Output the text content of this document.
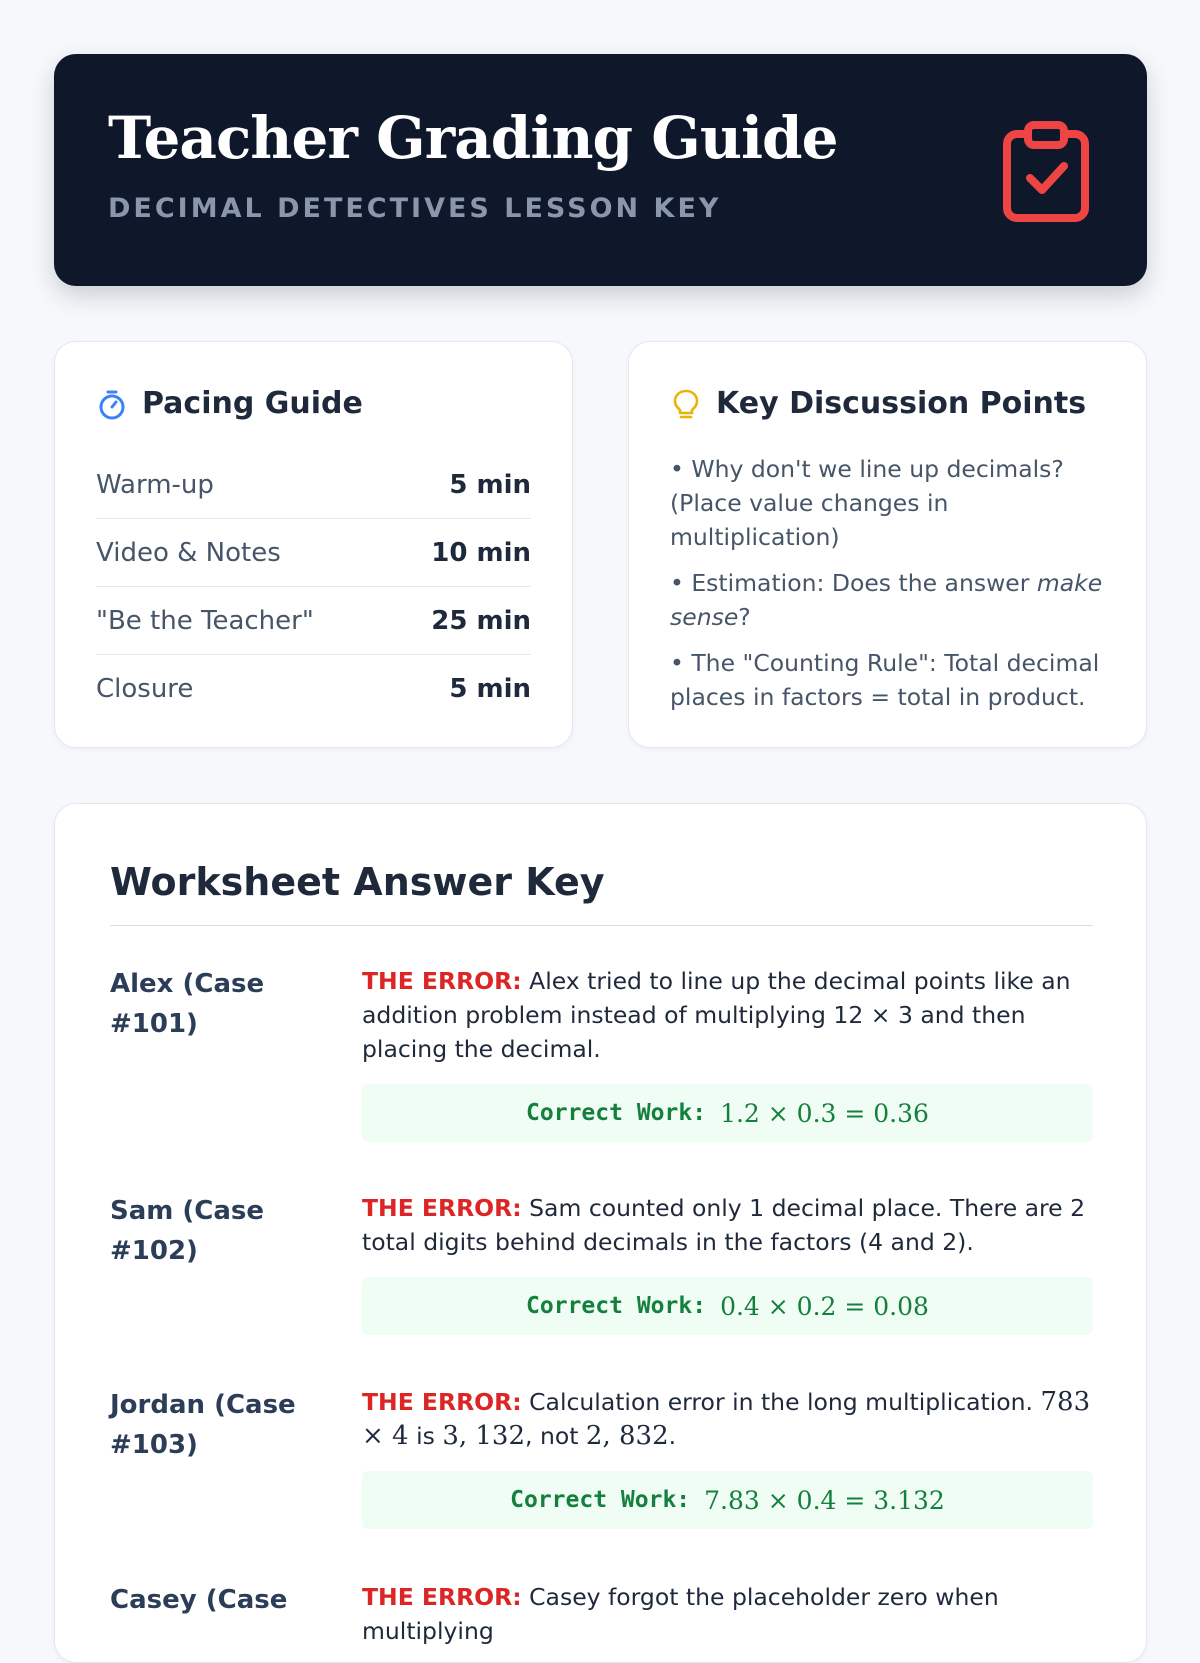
Teacher Grading Guide
DECIMAL DETECTIVES LESSON KEY
Pacing Guide
Warm-up	5 min
Video & Notes	10 min
"Be the Teacher"	25 min
Closure	5 min
Key Discussion Points
• Why don't we line up decimals? (Place value changes in multiplication)
• Estimation: Does the answer make sense?
• The "Counting Rule": Total decimal places in factors = total in product.
Worksheet Answer Key
Alex (Case #101)
THE ERROR: Alex tried to line up the decimal points like an addition problem instead of multiplying 12 × 3 and then placing the decimal.
Correct Work: 1.2 × 0.3 = 0.36
Sam (Case #102)
THE ERROR: Sam counted only 1 decimal place. There are 2 total digits behind decimals in the factors (4 and 2).
Correct Work: 0.4 × 0.2 = 0.08
Jordan (Case #103)
THE ERROR: Calculation error in the long multiplication. 783 × 4 is 3, 132, not 2, 832.
Correct Work: 7.83 × 0.4 = 3.132
Casey (Case	THE ERROR: Casey forgot the placeholder zero when multiplying
